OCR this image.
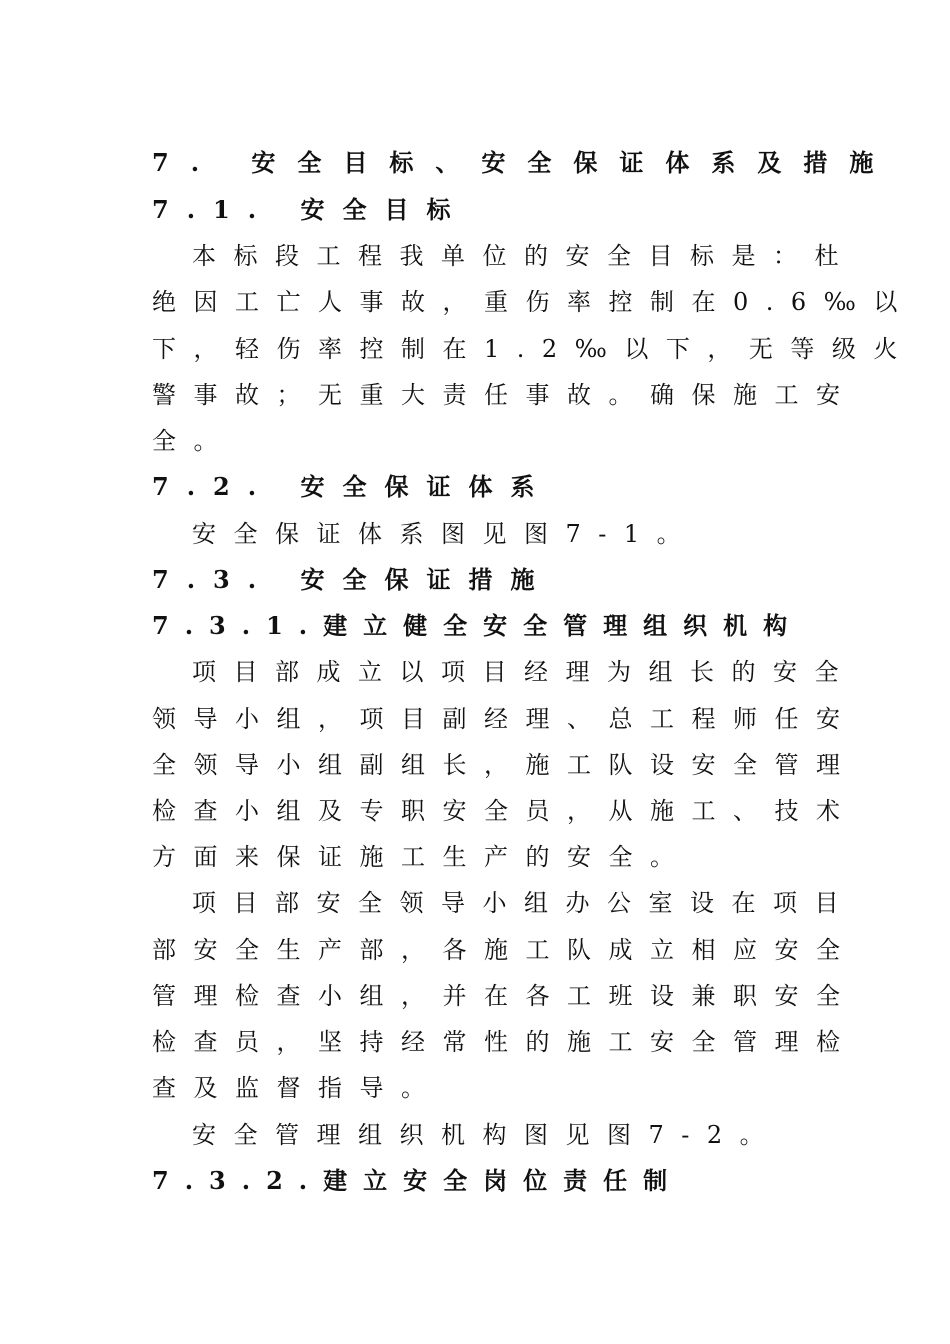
7. 安全目标、安全保证体系及措施
7.1. 安全目标
本标段工程我单位的安全目标是：杜
绝因工亡人事故，重伤率控制在0.6‰以
下，轻伤率控制在1.2‰以下，无等级火
警事故；无重大责任事故。确保施工安
全。
7.2. 安全保证体系
安全保证体系图见图7-1。
7.3. 安全保证措施
7.3.1.建立健全安全管理组织机构
项目部成立以项目经理为组长的安全
领导小组，项目副经理、总工程师任安
全领导小组副组长，施工队设安全管理
检查小组及专职安全员，从施工、技术
方面来保证施工生产的安全。
项目部安全领导小组办公室设在项目
部安全生产部，各施工队成立相应安全
管理检查小组，并在各工班设兼职安全
检查员，坚持经常性的施工安全管理检
查及监督指导。
安全管理组织机构图见图7-2。
7.3.2.建立安全岗位责任制
